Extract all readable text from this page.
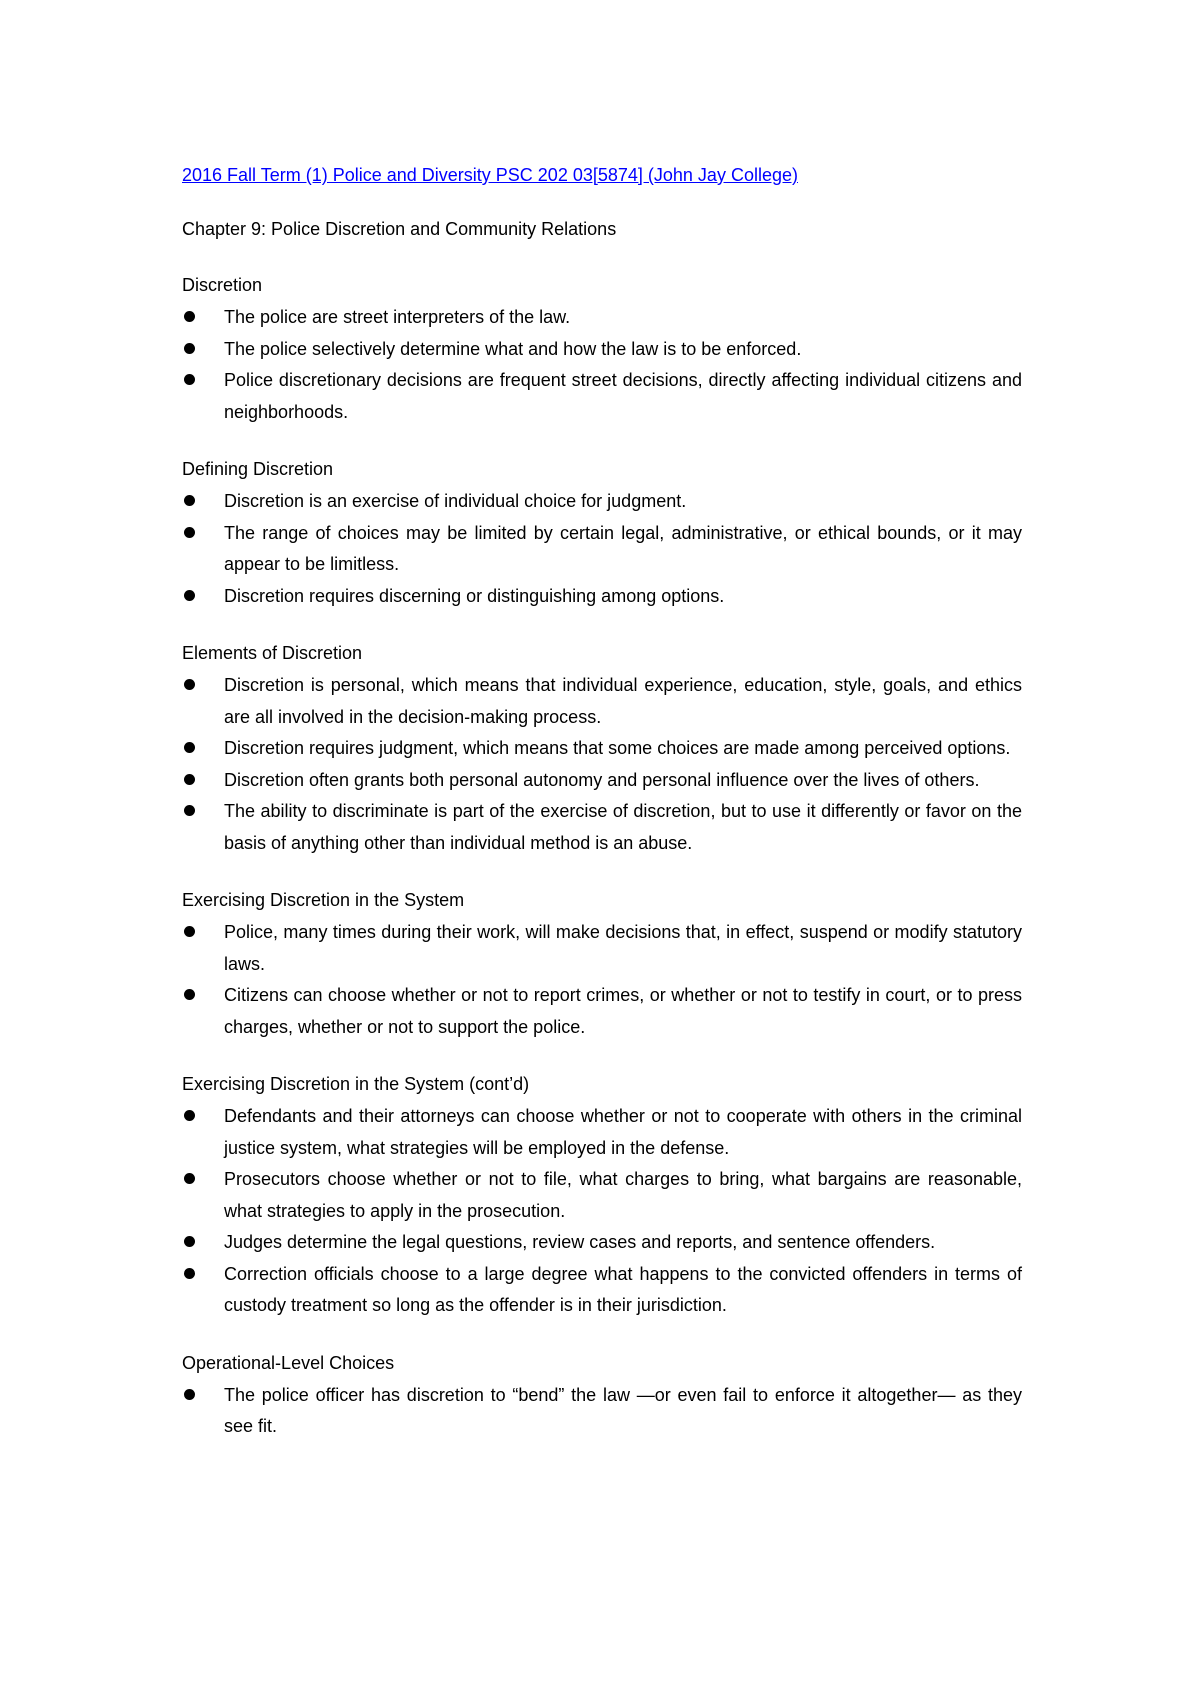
2016 Fall Term (1) Police and Diversity PSC 202 03[5874] (John Jay College)
Chapter 9: Police Discretion and Community Relations
Discretion
The police are street interpreters of the law.
The police selectively determine what and how the law is to be enforced.
Police discretionary decisions are frequent street decisions, directly affecting individual citizens and neighborhoods.
Defining Discretion
Discretion is an exercise of individual choice for judgment.
The range of choices may be limited by certain legal, administrative, or ethical bounds, or it may appear to be limitless.
Discretion requires discerning or distinguishing among options.
Elements of Discretion
Discretion is personal, which means that individual experience, education, style, goals, and ethics are all involved in the decision-making process.
Discretion requires judgment, which means that some choices are made among perceived options.
Discretion often grants both personal autonomy and personal influence over the lives of others.
The ability to discriminate is part of the exercise of discretion, but to use it differently or favor on the basis of anything other than individual method is an abuse.
Exercising Discretion in the System
Police, many times during their work, will make decisions that, in effect, suspend or modify statutory laws.
Citizens can choose whether or not to report crimes, or whether or not to testify in court, or to press charges, whether or not to support the police.
Exercising Discretion in the System (cont’d)
Defendants and their attorneys can choose whether or not to cooperate with others in the criminal justice system, what strategies will be employed in the defense.
Prosecutors choose whether or not to file, what charges to bring, what bargains are reasonable, what strategies to apply in the prosecution.
Judges determine the legal questions, review cases and reports, and sentence offenders.
Correction officials choose to a large degree what happens to the convicted offenders in terms of custody treatment so long as the offender is in their jurisdiction.
Operational-Level Choices
The police officer has discretion to “bend” the law —or even fail to enforce it altogether— as they see fit.
